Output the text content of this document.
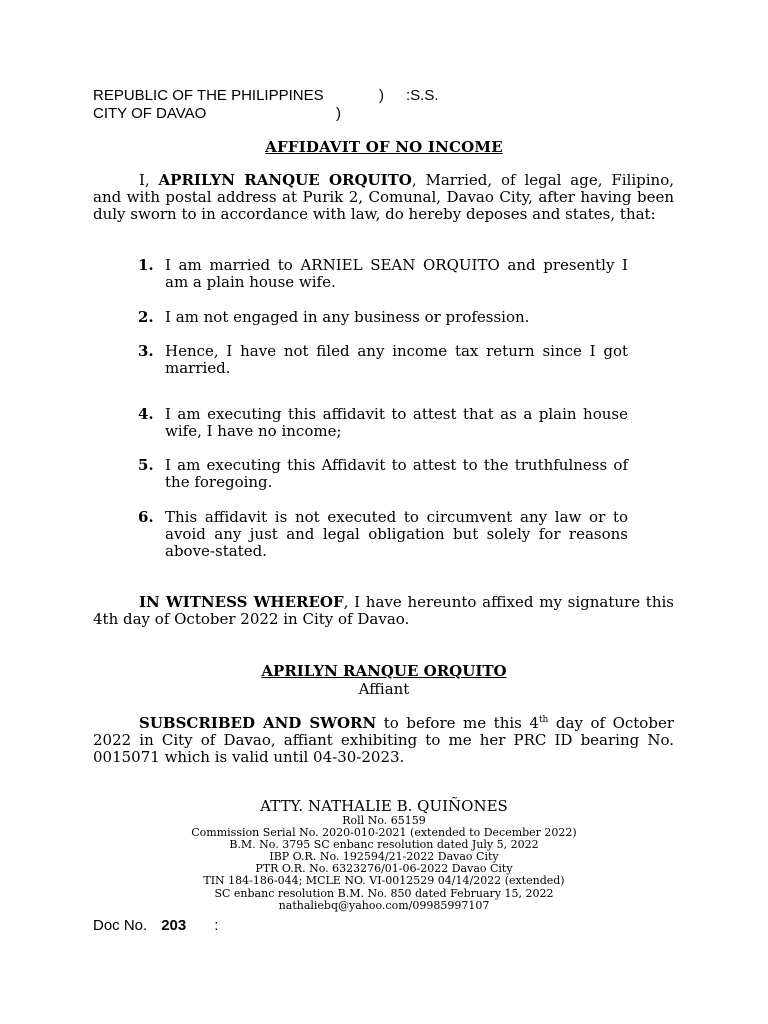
REPUBLIC OF THE PHILIPPINES	) :S.S.
CITY OF DAVAO	)
AFFIDAVIT OF NO INCOME
I, APRILYN RANQUE ORQUITO, Married, of legal age, Filipino, and with postal address at Purik 2, Comunal, Davao City, after having been duly sworn to in accordance with law, do hereby deposes and states, that:
1. I am married to ARNIEL SEAN ORQUITO and presently I am a plain house wife.
2. I am not engaged in any business or profession.
3. Hence, I have not filed any income tax return since I got married.
4. I am executing this affidavit to attest that as a plain house wife, I have no income;
5. I am executing this Affidavit to attest to the truthfulness of the foregoing.
6. This affidavit is not executed to circumvent any law or to avoid any just and legal obligation but solely for reasons above-stated.
IN WITNESS WHEREOF, I have hereunto affixed my signature this 4th day of October 2022 in City of Davao.
APRILYN RANQUE ORQUITO
Affiant
SUBSCRIBED AND SWORN to before me this 4th day of October 2022 in City of Davao, affiant exhibiting to me her PRC ID bearing No. 0015071 which is valid until 04-30-2023.
ATTY. NATHALIE B. QUIÑONES
Roll No. 65159
Commission Serial No. 2020-010-2021 (extended to December 2022)
B.M. No. 3795 SC enbanc resolution dated July 5, 2022
IBP O.R. No. 192594/21-2022 Davao City
PTR O.R. No. 6323276/01-06-2022 Davao City
TIN 184-186-044; MCLE NO. VI-0012529 04/14/2022 (extended)
SC enbanc resolution B.M. No. 850 dated February 15, 2022
nathaliebq@yahoo.com/09985997107
Doc No. 203 :
